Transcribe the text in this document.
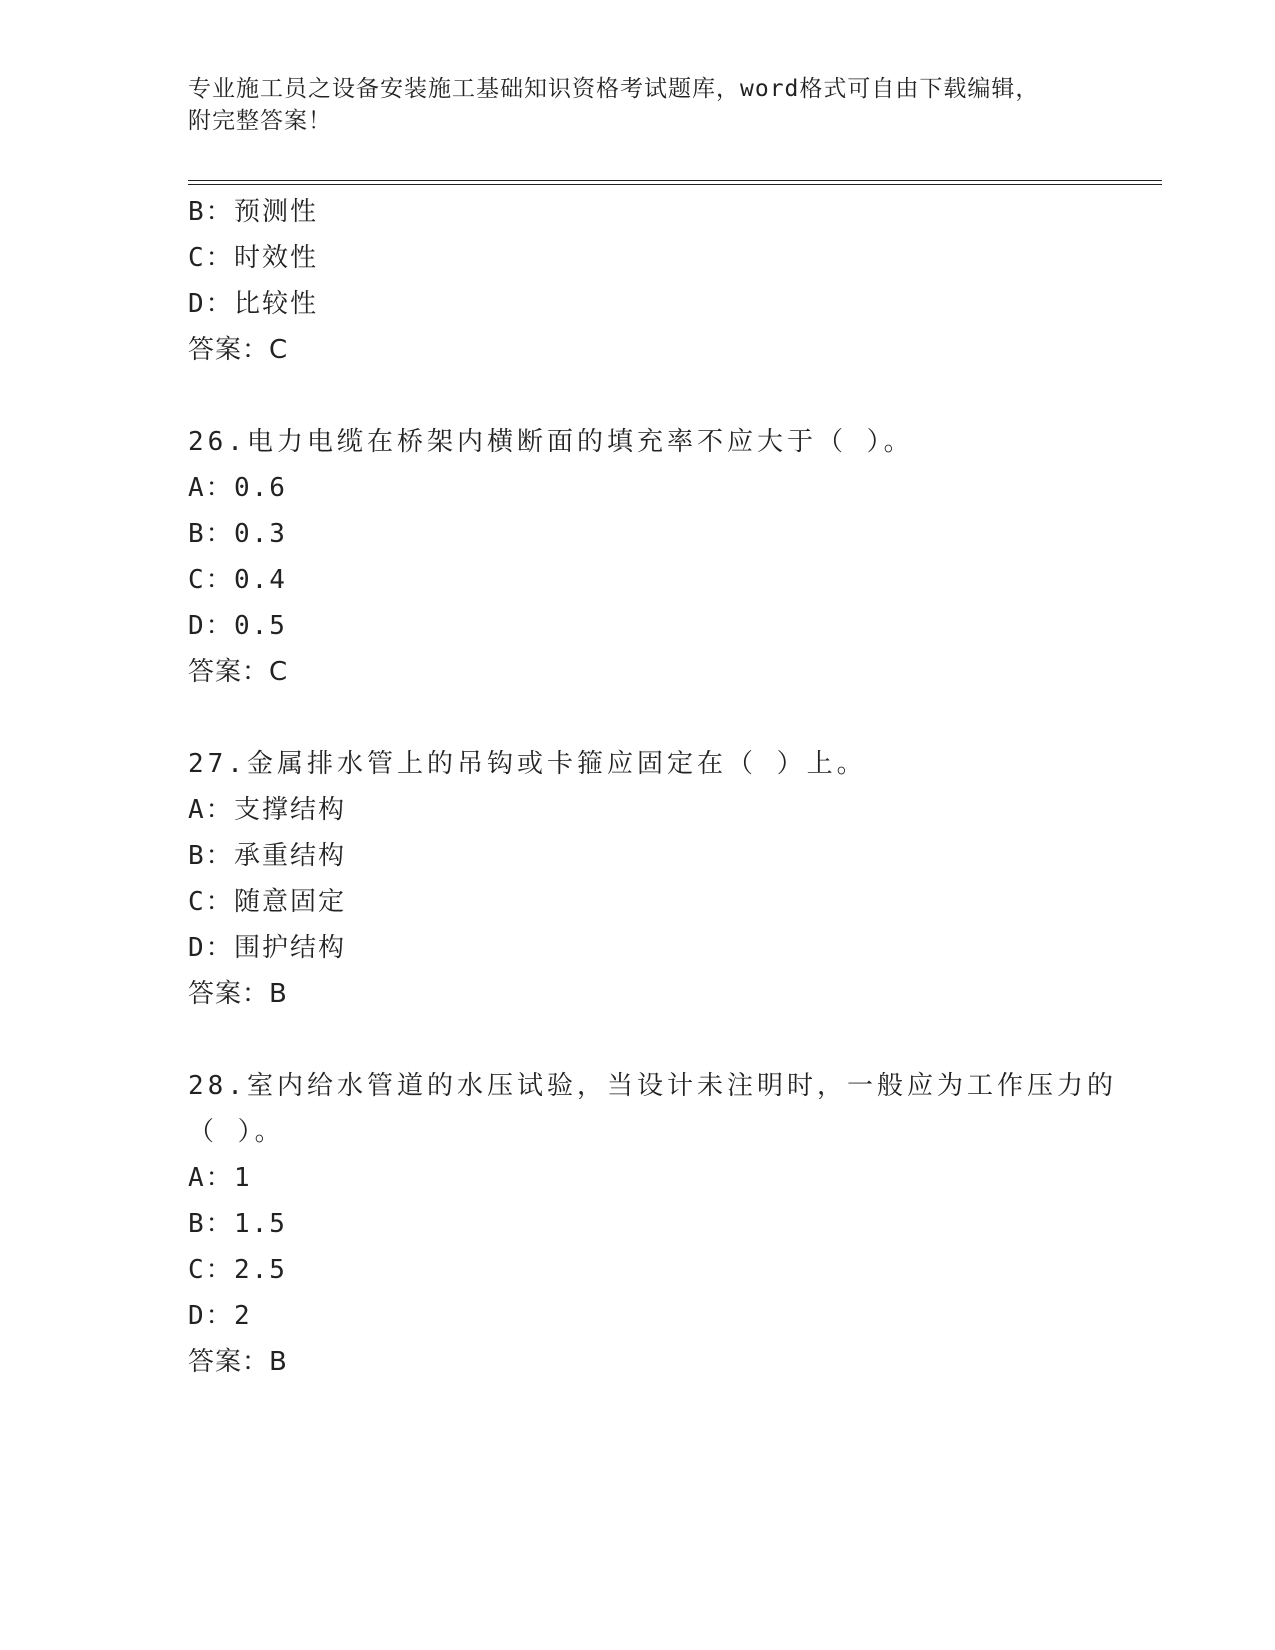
专业施工员之设备安装施工基础知识资格考试题库，word格式可自由下载编辑，
附完整答案！
B：预测性
C：时效性
D：比较性
答案：C
26.电力电缆在桥架内横断面的填充率不应大于（ ）。
A：0.6
B：0.3
C：0.4
D：0.5
答案：C
27.金属排水管上的吊钩或卡箍应固定在（ ）上。
A：支撑结构
B：承重结构
C：随意固定
D：围护结构
答案：B
28.室内给水管道的水压试验，当设计未注明时，一般应为工作压力的
（ ）。
A：1
B：1.5
C：2.5
D：2
答案：B
